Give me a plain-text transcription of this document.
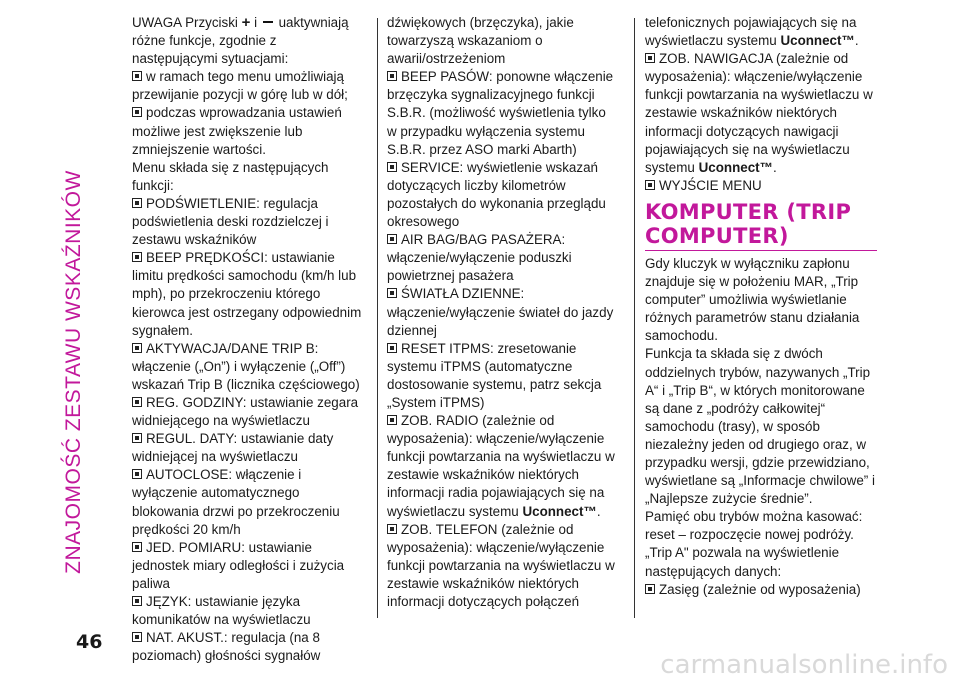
ZNAJOMOŚĆ ZESTAWU WSKAŹNIKÓW

UWAGA Przyciski + i uaktywniają różne funkcje, zgodnie z następującymi sytuacjami:

w ramach tego menu umożliwiają przewijanie pozycji w górę lub w dół;

podczas wprowadzania ustawień możliwe jest zwiększenie lub zmniejszenie wartości.

Menu składa się z następujących funkcji:

PODŚWIETLENIE: regulacja podświetlenia deski rozdzielczej i zestawu wskaźników

BEEP PRĘDKOŚCI: ustawianie limitu prędkości samochodu (km/h lub mph), po przekroczeniu którego kierowca jest ostrzegany odpowiednim sygnałem.

AKTYWACJA/DANE TRIP B: włączenie („On”) i wyłączenie („Off”) wskazań Trip B (licznika częściowego)

REG. GODZINY: ustawianie zegara widniejącego na wyświetlaczu

REGUL. DATY: ustawianie daty widniejącej na wyświetlaczu

AUTOCLOSE: włączenie i wyłączenie automatycznego blokowania drzwi po przekroczeniu prędkości 20 km/h

JED. POMIARU: ustawianie jednostek miary odległości i zużycia paliwa

JĘZYK: ustawianie języka komunikatów na wyświetlaczu

NAT. AKUST.: regulacja (na 8 poziomach) głośności sygnałów

dźwiękowych (brzęczyka), jakie towarzyszą wskazaniom o awarii/ostrzeżeniom

BEEP PASÓW: ponowne włączenie brzęczyka sygnalizacyjnego funkcji S.B.R. (możliwość wyświetlenia tylko w przypadku wyłączenia systemu S.B.R. przez ASO marki Abarth)

SERVICE: wyświetlenie wskazań dotyczących liczby kilometrów pozostałych do wykonania przeglądu okresowego

AIR BAG/BAG PASAŻERA: włączenie/wyłączenie poduszki powietrznej pasażera

ŚWIATŁA DZIENNE: włączenie/wyłączenie świateł do jazdy dziennej

RESET ITPMS: zresetowanie systemu iTPMS (automatyczne dostosowanie systemu, patrz sekcja „System iTPMS)

ZOB. RADIO (zależnie od wyposażenia): włączenie/wyłączenie funkcji powtarzania na wyświetlaczu w zestawie wskaźników niektórych informacji radia pojawiających się na wyświetlaczu systemu Uconnect™.

ZOB. TELEFON (zależnie od wyposażenia): włączenie/wyłączenie funkcji powtarzania na wyświetlaczu w zestawie wskaźników niektórych informacji dotyczących połączeń

telefonicznych pojawiających się na wyświetlaczu systemu Uconnect™.

ZOB. NAWIGACJA (zależnie od wyposażenia): włączenie/wyłączenie funkcji powtarzania na wyświetlaczu w zestawie wskaźników niektórych informacji dotyczących nawigacji pojawiających się na wyświetlaczu systemu Uconnect™.

WYJŚCIE MENU

KOMPUTER (TRIP COMPUTER)

Gdy kluczyk w wyłączniku zapłonu znajduje się w położeniu MAR, „Trip computer” umożliwia wyświetlanie różnych parametrów stanu działania samochodu.

Funkcja ta składa się z dwóch oddzielnych trybów, nazywanych „Trip A“ i „Trip B“, w których monitorowane są dane z „podróży całkowitej“ samochodu (trasy), w sposób niezależny jeden od drugiego oraz, w przypadku wersji, gdzie przewidziano, wyświetlane są „Informacje chwilowe” i „Najlepsze zużycie średnie”.

Pamięć obu trybów można kasować: reset – rozpoczęcie nowej podróży.

„Trip A" pozwala na wyświetlenie następujących danych:

Zasięg (zależnie od wyposażenia)

46
carmanualsonline.info
